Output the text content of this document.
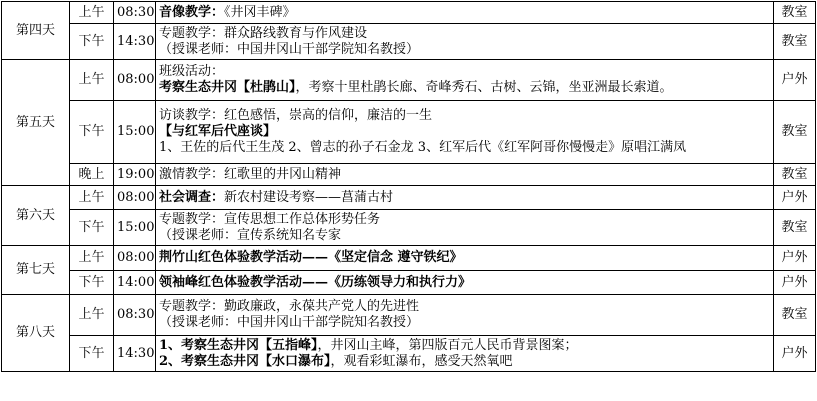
第四天	上午	08:30	音像教学：《井冈丰碑》	教室
	下午	14:30	专题教学：群众路线教育与作风建设
（授课老师：中国井冈山干部学院知名教授）	教室
第五天	上午	08:00	班级活动：
考察生态井冈【杜鹃山】，考察十里杜鹃长廊、奇峰秀石、古树、云锦，坐亚洲最长索道。	户外
	下午	15:00	访谈教学：红色感悟，崇高的信仰，廉洁的一生
【与红军后代座谈】
1、王佐的后代王生茂 2、曾志的孙子石金龙 3、红军后代《红军阿哥你慢慢走》原唱江满凤	教室
	晚上	19:00	激情教学：红歌里的井冈山精神	教室
第六天	上午	08:00	社会调查：新农村建设考察——菖蒲古村	户外
	下午	15:00	专题教学：宣传思想工作总体形势任务
（授课老师：宣传系统知名专家	教室
第七天	上午	08:00	荆竹山红色体验教学活动——《坚定信念 遵守铁纪》	户外
	下午	14:00	领袖峰红色体验教学活动——《历练领导力和执行力》	户外
第八天	上午	08:30	专题教学：勤政廉政，永葆共产党人的先进性
（授课老师：中国井冈山干部学院知名教授）	教室
	下午	14:30	1、考察生态井冈【五指峰】，井冈山主峰，第四版百元人民币背景图案；
2、考察生态井冈【水口瀑布】，观看彩虹瀑布，感受天然氧吧	户外
